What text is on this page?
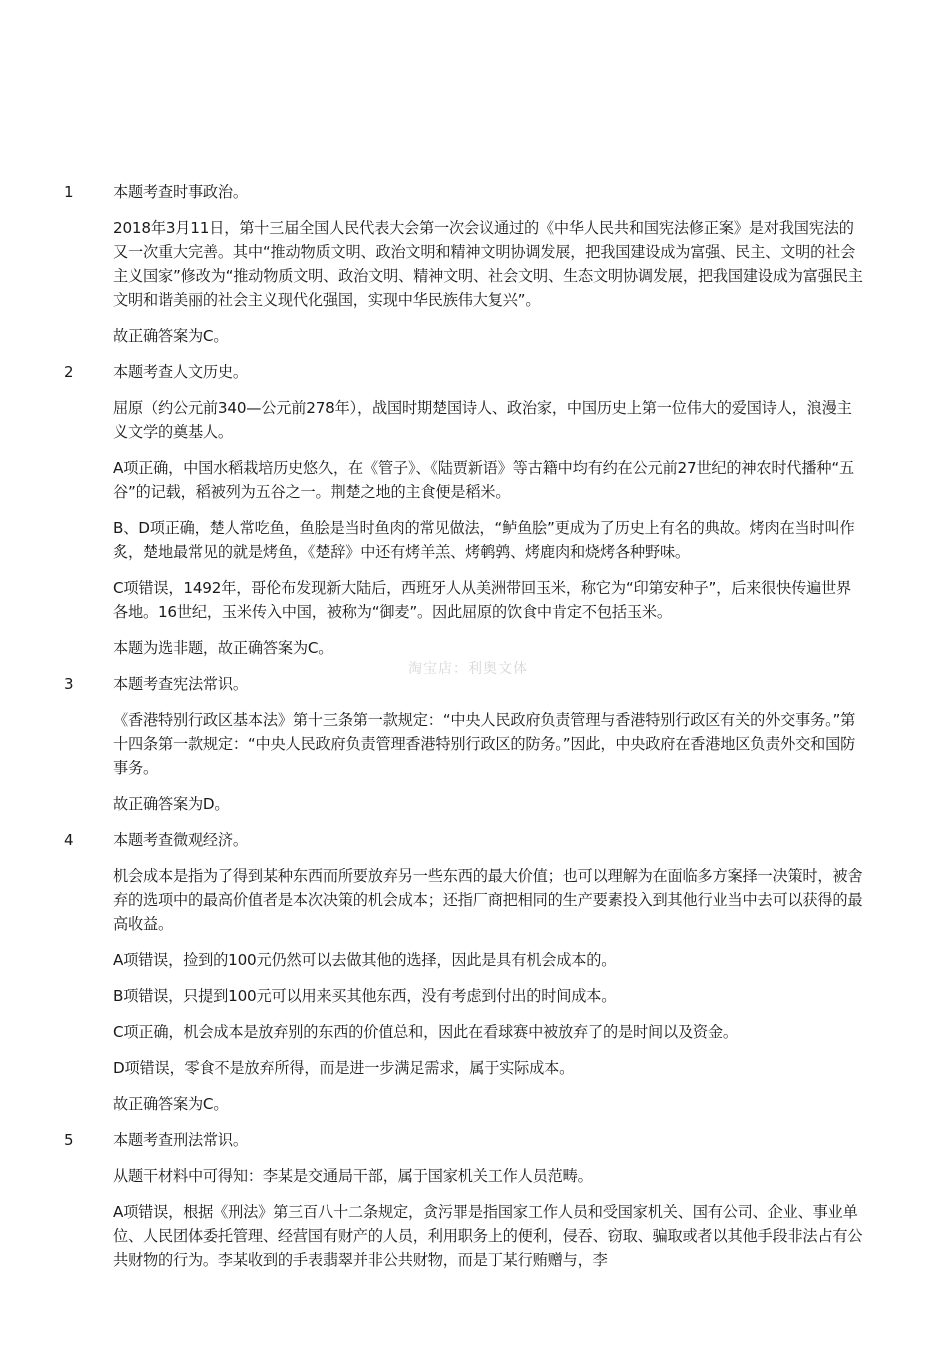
1	本题考查时事政治。

2018年3月11日，第十三届全国人民代表大会第一次会议通过的《中华人民共和国宪法修正案》是对我国宪法的又一次重大完善。其中“推动物质文明、政治文明和精神文明协调发展，把我国建设成为富强、民主、文明的社会主义国家”修改为“推动物质文明、政治文明、精神文明、社会文明、生态文明协调发展，把我国建设成为富强民主文明和谐美丽的社会主义现代化强国，实现中华民族伟大复兴”。

故正确答案为C。

2	本题考查人文历史。

屈原（约公元前340—公元前278年），战国时期楚国诗人、政治家，中国历史上第一位伟大的爱国诗人，浪漫主义文学的奠基人。

A项正确，中国水稻栽培历史悠久，在《管子》、《陆贾新语》等古籍中均有约在公元前27世纪的神农时代播种“五谷”的记载，稻被列为五谷之一。荆楚之地的主食便是稻米。

B、D项正确，楚人常吃鱼，鱼脍是当时鱼肉的常见做法，“鲈鱼脍”更成为了历史上有名的典故。烤肉在当时叫作炙，楚地最常见的就是烤鱼，《楚辞》中还有烤羊羔、烤鹌鹑、烤鹿肉和烧烤各种野味。

C项错误，1492年，哥伦布发现新大陆后，西班牙人从美洲带回玉米，称它为“印第安种子”，后来很快传遍世界各地。16世纪，玉米传入中国，被称为“御麦”。因此屈原的饮食中肯定不包括玉米。

本题为选非题，故正确答案为C。

3	本题考查宪法常识。

《香港特别行政区基本法》第十三条第一款规定：“中央人民政府负责管理与香港特别行政区有关的外交事务。”第十四条第一款规定：“中央人民政府负责管理香港特别行政区的防务。”因此，中央政府在香港地区负责外交和国防事务。

故正确答案为D。

4	本题考查微观经济。

机会成本是指为了得到某种东西而所要放弃另一些东西的最大价值；也可以理解为在面临多方案择一决策时，被舍弃的选项中的最高价值者是本次决策的机会成本；还指厂商把相同的生产要素投入到其他行业当中去可以获得的最高收益。

A项错误，捡到的100元仍然可以去做其他的选择，因此是具有机会成本的。

B项错误，只提到100元可以用来买其他东西，没有考虑到付出的时间成本。

C项正确，机会成本是放弃别的东西的价值总和，因此在看球赛中被放弃了的是时间以及资金。

D项错误，零食不是放弃所得，而是进一步满足需求，属于实际成本。

故正确答案为C。

5	本题考查刑法常识。

从题干材料中可得知：李某是交通局干部，属于国家机关工作人员范畴。

A项错误，根据《刑法》第三百八十二条规定，贪污罪是指国家工作人员和受国家机关、国有公司、企业、事业单位、人民团体委托管理、经营国有财产的人员，利用职务上的便利，侵吞、窃取、骗取或者以其他手段非法占有公共财物的行为。李某收到的手表翡翠并非公共财物，而是丁某行贿赠与，李

淘宝店：利奥文体
